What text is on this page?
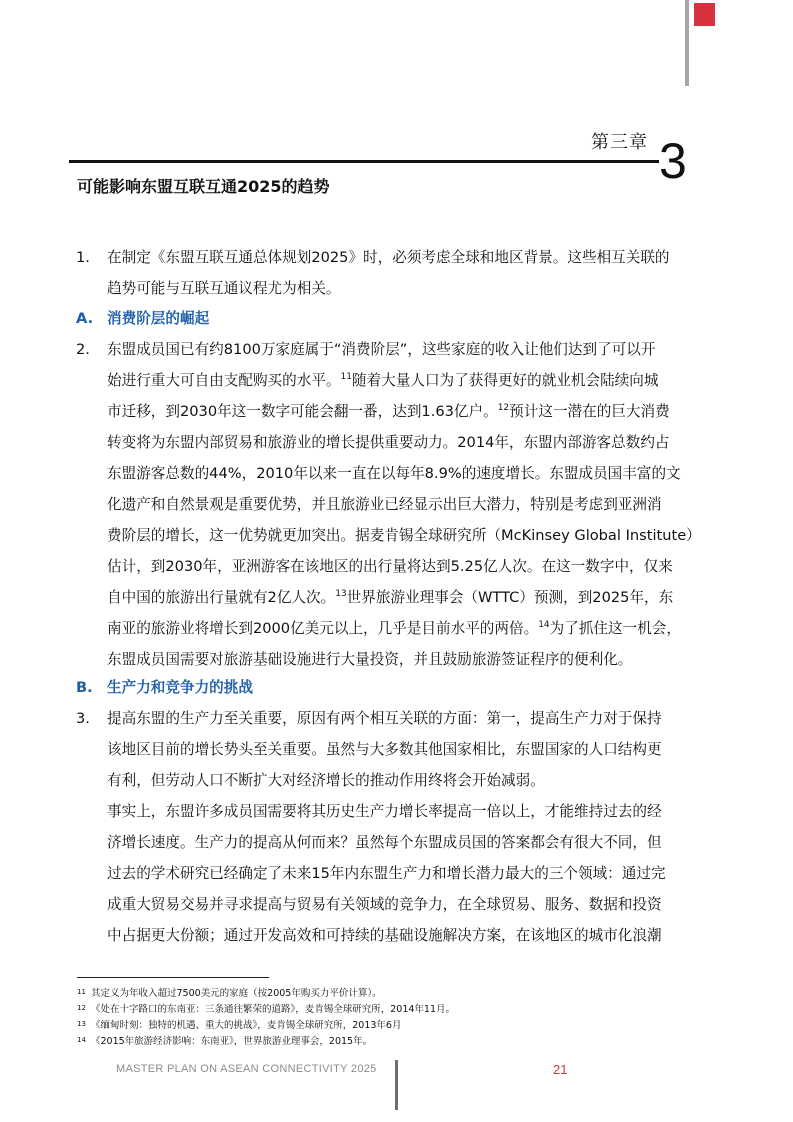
第三章 3
可能影响东盟互联互通2025的趋势
1.	在制定《东盟互联互通总体规划2025》时，必须考虑全球和地区背景。这些相互关联的
趋势可能与互联互通议程尤为相关。
A. 消费阶层的崛起
2.	东盟成员国已有约8100万家庭属于“消费阶层”，这些家庭的收入让他们达到了可以开
始进行重大可自由支配购买的水平。$^{11}$随着大量人口为了获得更好的就业机会陆续向城
市迁移，到2030年这一数字可能会翻一番，达到1.63亿户。$^{12}$预计这一潜在的巨大消费
转变将为东盟内部贸易和旅游业的增长提供重要动力。2014年，东盟内部游客总数约占
东盟游客总数的44%，2010年以来一直在以每年8.9%的速度增长。东盟成员国丰富的文
化遗产和自然景观是重要优势，并且旅游业已经显示出巨大潜力，特别是考虑到亚洲消
费阶层的增长，这一优势就更加突出。据麦肯锡全球研究所（McKinsey Global Institute）
估计，到2030年，亚洲游客在该地区的出行量将达到5.25亿人次。在这一数字中，仅来
自中国的旅游出行量就有2亿人次。$^{13}$世界旅游业理事会（WTTC）预测，到2025年，东
南亚的旅游业将增长到2000亿美元以上，几乎是目前水平的两倍。$^{14}$为了抓住这一机会，
东盟成员国需要对旅游基础设施进行大量投资，并且鼓励旅游签证程序的便利化。
B. 生产力和竞争力的挑战
3.	提高东盟的生产力至关重要，原因有两个相互关联的方面：第一，提高生产力对于保持
该地区目前的增长势头至关重要。虽然与大多数其他国家相比，东盟国家的人口结构更
有利，但劳动人口不断扩大对经济增长的推动作用终将会开始减弱。
事实上，东盟许多成员国需要将其历史生产力增长率提高一倍以上，才能维持过去的经
济增长速度。生产力的提高从何而来？虽然每个东盟成员国的答案都会有很大不同，但
过去的学术研究已经确定了未来15年内东盟生产力和增长潜力最大的三个领域：通过完
成重大贸易交易并寻求提高与贸易有关领域的竞争力，在全球贸易、服务、数据和投资
中占据更大份额；通过开发高效和可持续的基础设施解决方案，在该地区的城市化浪潮
11 其定义为年收入超过7500美元的家庭（按2005年购买力平价计算）。
12 《处在十字路口的东南亚：三条通往繁荣的道路》，麦肯锡全球研究所，2014年11月。
13 《缅甸时刻：独特的机遇、重大的挑战》，麦肯锡全球研究所，2013年6月
14 《2015年旅游经济影响：东南亚》，世界旅游业理事会，2015年。
MASTER PLAN ON ASEAN CONNECTIVITY 2025	21
